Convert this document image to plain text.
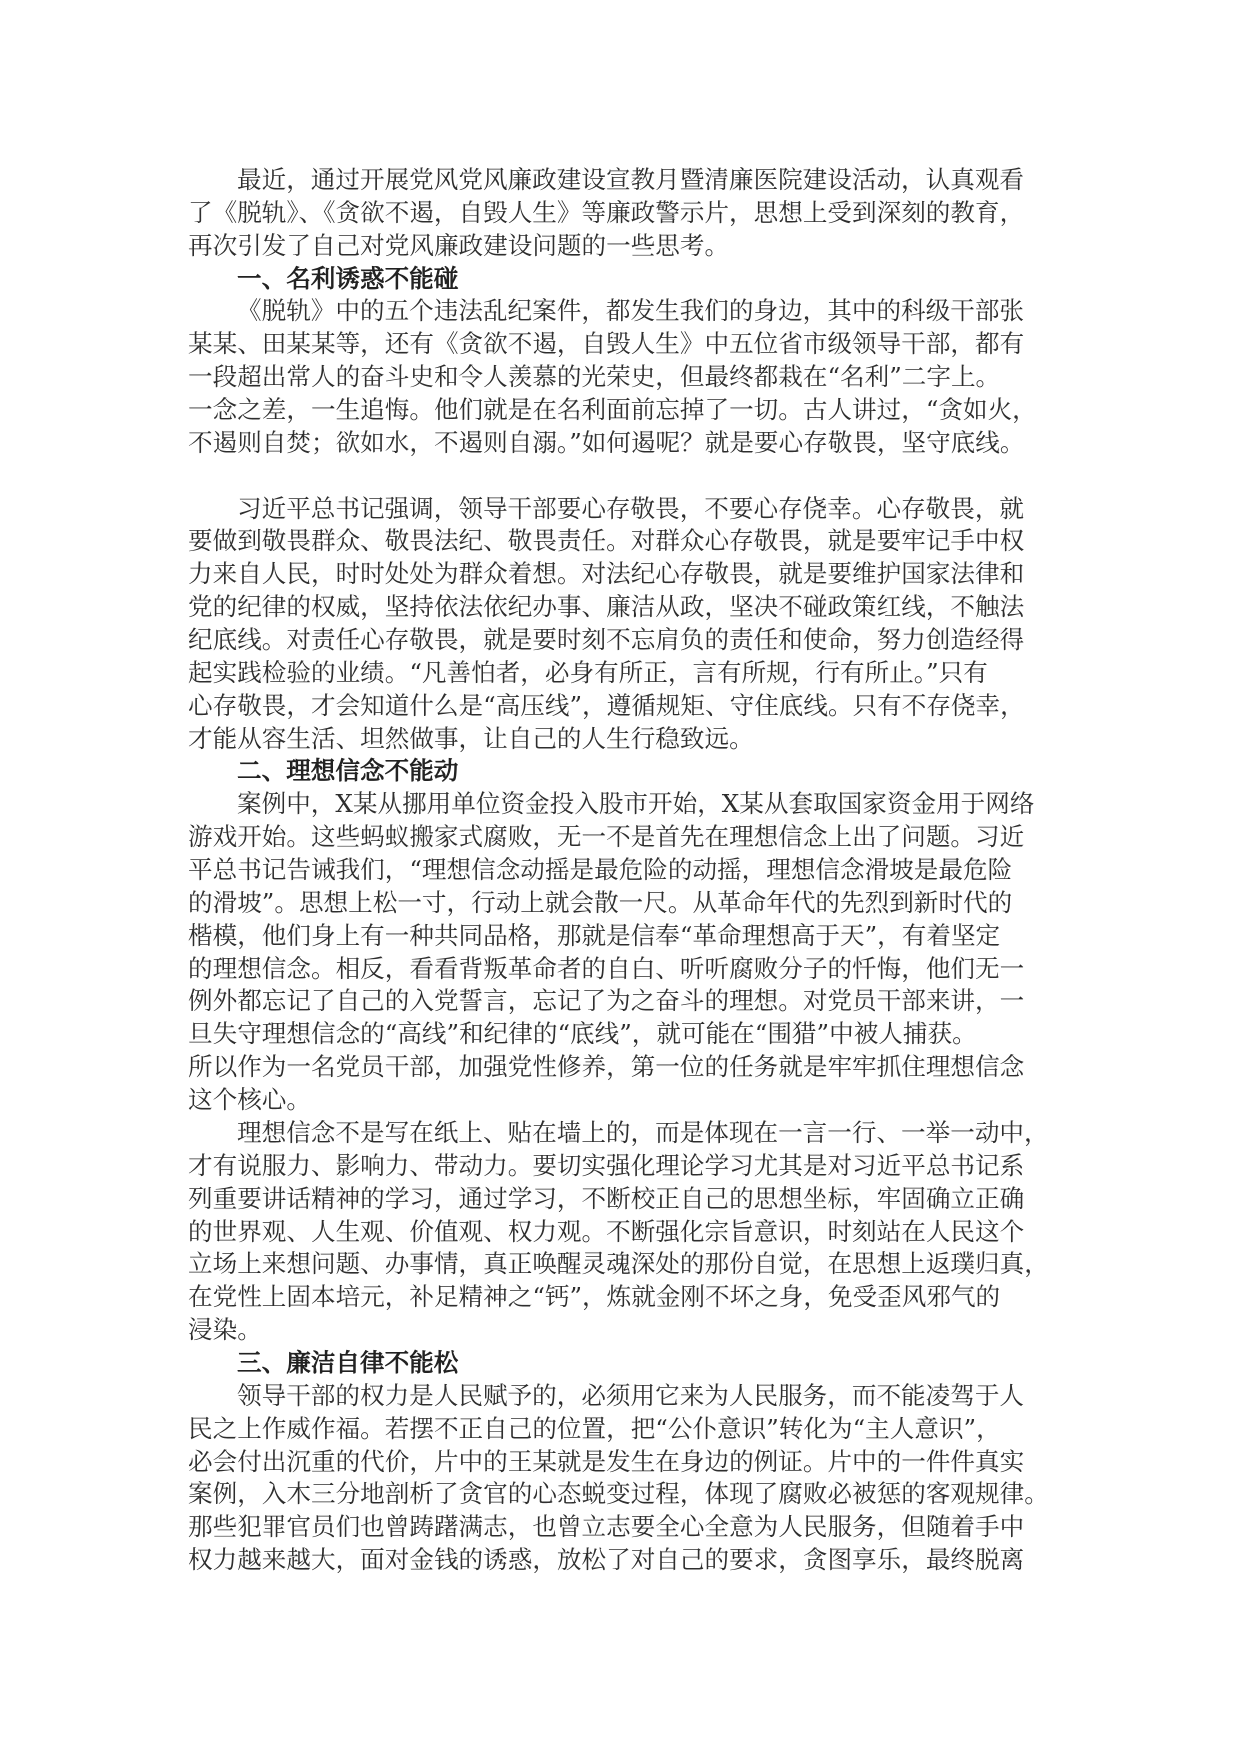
最近，通过开展党风党风廉政建设宣教月暨清廉医院建设活动，认真观看
了《脱轨》、《贪欲不遏，自毁人生》等廉政警示片，思想上受到深刻的教育，
再次引发了自己对党风廉政建设问题的一些思考。
一、名利诱惑不能碰
《脱轨》中的五个违法乱纪案件，都发生我们的身边，其中的科级干部张
某某、田某某等，还有《贪欲不遏，自毁人生》中五位省市级领导干部，都有
一段超出常人的奋斗史和令人羡慕的光荣史，但最终都栽在“名利”二字上。
一念之差，一生追悔。他们就是在名利面前忘掉了一切。古人讲过，“贪如火，
不遏则自焚；欲如水，不遏则自溺。”如何遏呢？就是要心存敬畏，坚守底线。
习近平总书记强调，领导干部要心存敬畏，不要心存侥幸。心存敬畏，就
要做到敬畏群众、敬畏法纪、敬畏责任。对群众心存敬畏，就是要牢记手中权
力来自人民，时时处处为群众着想。对法纪心存敬畏，就是要维护国家法律和
党的纪律的权威，坚持依法依纪办事、廉洁从政，坚决不碰政策红线，不触法
纪底线。对责任心存敬畏，就是要时刻不忘肩负的责任和使命，努力创造经得
起实践检验的业绩。“凡善怕者，必身有所正，言有所规，行有所止。”只有
心存敬畏，才会知道什么是“高压线”，遵循规矩、守住底线。只有不存侥幸，
才能从容生活、坦然做事，让自己的人生行稳致远。
二、理想信念不能动
案例中，X某从挪用单位资金投入股市开始，X某从套取国家资金用于网络
游戏开始。这些蚂蚁搬家式腐败，无一不是首先在理想信念上出了问题。习近
平总书记告诫我们，“理想信念动摇是最危险的动摇，理想信念滑坡是最危险
的滑坡”。思想上松一寸，行动上就会散一尺。从革命年代的先烈到新时代的
楷模，他们身上有一种共同品格，那就是信奉“革命理想高于天”，有着坚定
的理想信念。相反，看看背叛革命者的自白、听听腐败分子的忏悔，他们无一
例外都忘记了自己的入党誓言，忘记了为之奋斗的理想。对党员干部来讲，一
旦失守理想信念的“高线”和纪律的“底线”，就可能在“围猎”中被人捕获。
所以作为一名党员干部，加强党性修养，第一位的任务就是牢牢抓住理想信念
这个核心。
理想信念不是写在纸上、贴在墙上的，而是体现在一言一行、一举一动中，
才有说服力、影响力、带动力。要切实强化理论学习尤其是对习近平总书记系
列重要讲话精神的学习，通过学习，不断校正自己的思想坐标，牢固确立正确
的世界观、人生观、价值观、权力观。不断强化宗旨意识，时刻站在人民这个
立场上来想问题、办事情，真正唤醒灵魂深处的那份自觉，在思想上返璞归真，
在党性上固本培元，补足精神之“钙”，炼就金刚不坏之身，免受歪风邪气的
浸染。
三、廉洁自律不能松
领导干部的权力是人民赋予的，必须用它来为人民服务，而不能凌驾于人
民之上作威作福。若摆不正自己的位置，把“公仆意识”转化为“主人意识”，
必会付出沉重的代价，片中的王某就是发生在身边的例证。片中的一件件真实
案例，入木三分地剖析了贪官的心态蜕变过程，体现了腐败必被惩的客观规律。
那些犯罪官员们也曾踌躇满志，也曾立志要全心全意为人民服务，但随着手中
权力越来越大，面对金钱的诱惑，放松了对自己的要求，贪图享乐，最终脱离
